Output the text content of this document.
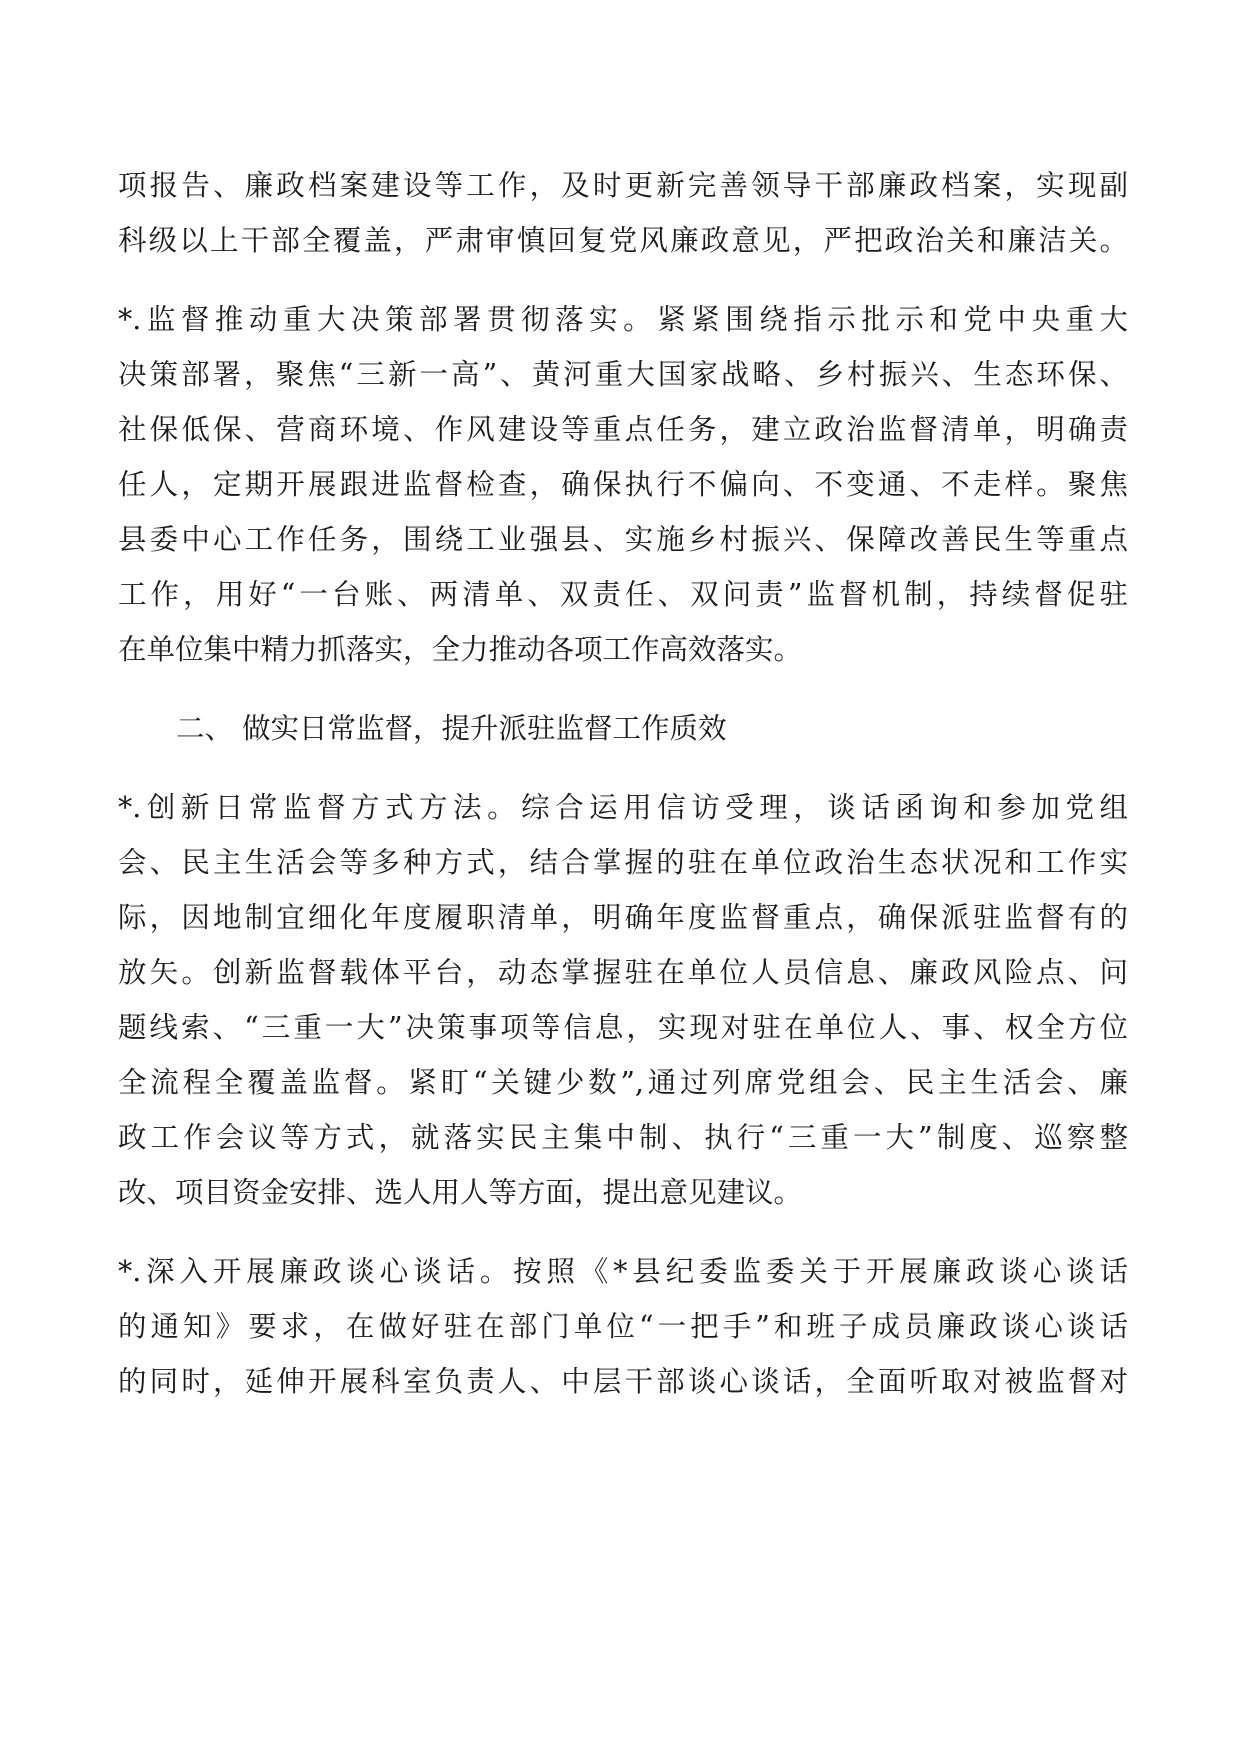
项报告、廉政档案建设等工作，及时更新完善领导干部廉政档案，实现副
科级以上干部全覆盖，严肃审慎回复党风廉政意见，严把政治关和廉洁关。
*.监督推动重大决策部署贯彻落实。紧紧围绕指示批示和党中央重大
决策部署，聚焦“三新一高”、黄河重大国家战略、乡村振兴、生态环保、
社保低保、营商环境、作风建设等重点任务，建立政治监督清单，明确责
任人，定期开展跟进监督检查，确保执行不偏向、不变通、不走样。聚焦
县委中心工作任务，围绕工业强县、实施乡村振兴、保障改善民生等重点
工作，用好“一台账、两清单、双责任、双问责”监督机制，持续督促驻
在单位集中精力抓落实，全力推动各项工作高效落实。
二、 做实日常监督，提升派驻监督工作质效
*.创新日常监督方式方法。综合运用信访受理，谈话函询和参加党组
会、民主生活会等多种方式，结合掌握的驻在单位政治生态状况和工作实
际，因地制宜细化年度履职清单，明确年度监督重点，确保派驻监督有的
放矢。创新监督载体平台，动态掌握驻在单位人员信息、廉政风险点、问
题线索、“三重一大”决策事项等信息，实现对驻在单位人、事、权全方位
全流程全覆盖监督。紧盯“关键少数”,通过列席党组会、民主生活会、廉
政工作会议等方式，就落实民主集中制、执行“三重一大”制度、巡察整
改、项目资金安排、选人用人等方面，提出意见建议。
*.深入开展廉政谈心谈话。按照《*县纪委监委关于开展廉政谈心谈话
的通知》要求，在做好驻在部门单位“一把手”和班子成员廉政谈心谈话
的同时，延伸开展科室负责人、中层干部谈心谈话，全面听取对被监督对
